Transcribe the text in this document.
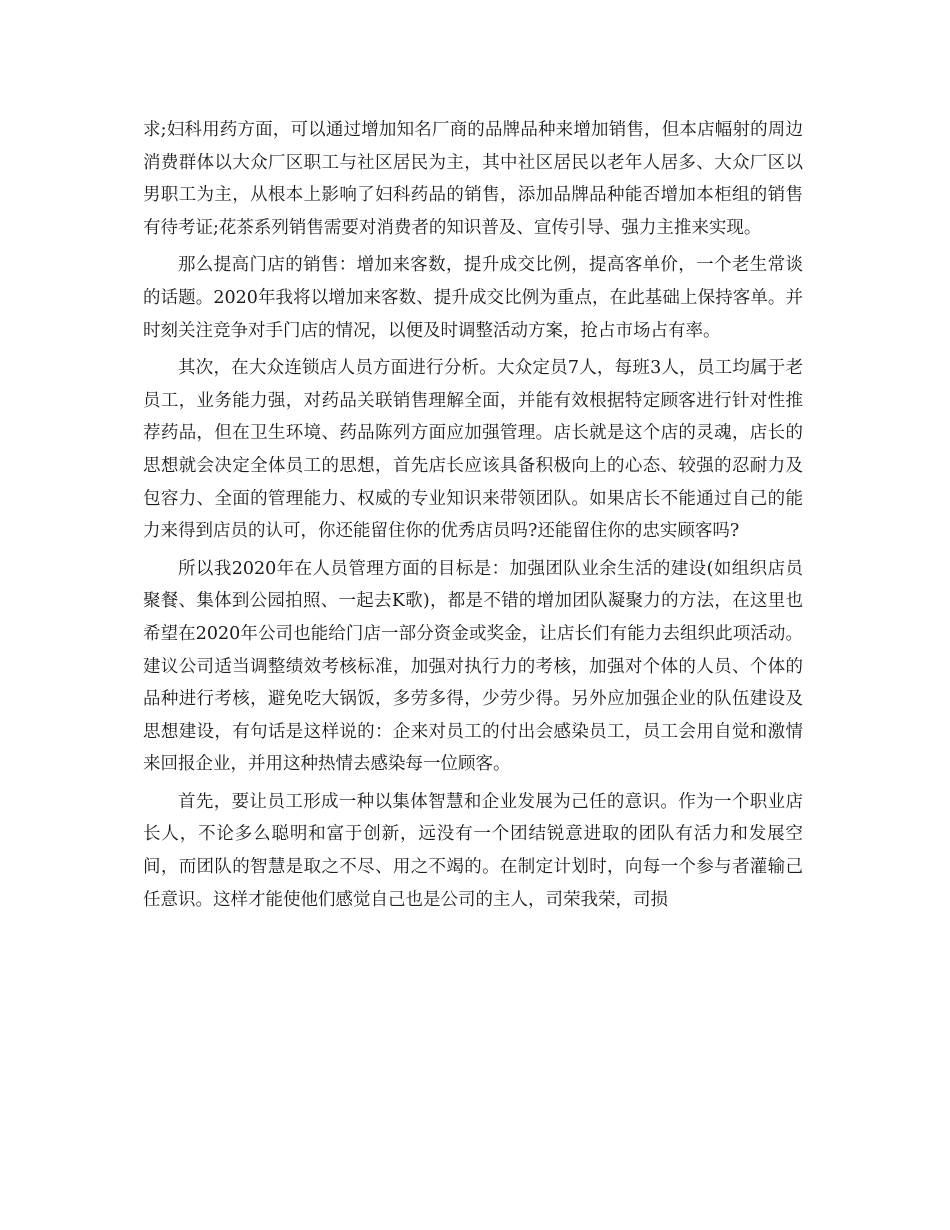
求;妇科用药方面，可以通过增加知名厂商的品牌品种来增加销售，但本店幅射的周边消费群体以大众厂区职工与社区居民为主，其中社区居民以老年人居多、大众厂区以男职工为主，从根本上影响了妇科药品的销售，添加品牌品种能否增加本柜组的销售有待考证;花茶系列销售需要对消费者的知识普及、宣传引导、强力主推来实现。

那么提高门店的销售：增加来客数，提升成交比例，提高客单价，一个老生常谈的话题。2020年我将以增加来客数、提升成交比例为重点，在此基础上保持客单。并时刻关注竞争对手门店的情况，以便及时调整活动方案，抢占市场占有率。

其次，在大众连锁店人员方面进行分析。大众定员7人，每班3人，员工均属于老员工，业务能力强，对药品关联销售理解全面，并能有效根据特定顾客进行针对性推荐药品，但在卫生环境、药品陈列方面应加强管理。店长就是这个店的灵魂，店长的思想就会决定全体员工的思想，首先店长应该具备积极向上的心态、较强的忍耐力及包容力、全面的管理能力、权威的专业知识来带领团队。如果店长不能通过自己的能力来得到店员的认可，你还能留住你的优秀店员吗?还能留住你的忠实顾客吗?

所以我2020年在人员管理方面的目标是：加强团队业余生活的建设(如组织店员聚餐、集体到公园拍照、一起去K歌)，都是不错的增加团队凝聚力的方法，在这里也希望在2020年公司也能给门店一部分资金或奖金，让店长们有能力去组织此项活动。建议公司适当调整绩效考核标准，加强对执行力的考核，加强对个体的人员、个体的品种进行考核，避免吃大锅饭，多劳多得，少劳少得。另外应加强企业的队伍建设及思想建设，有句话是这样说的：企来对员工的付出会感染员工，员工会用自觉和激情来回报企业，并用这种热情去感染每一位顾客。

首先，要让员工形成一种以集体智慧和企业发展为己任的意识。作为一个职业店长人，不论多么聪明和富于创新，远没有一个团结锐意进取的团队有活力和发展空间，而团队的智慧是取之不尽、用之不竭的。在制定计划时，向每一个参与者灌输己任意识。这样才能使他们感觉自己也是公司的主人，司荣我荣，司损
